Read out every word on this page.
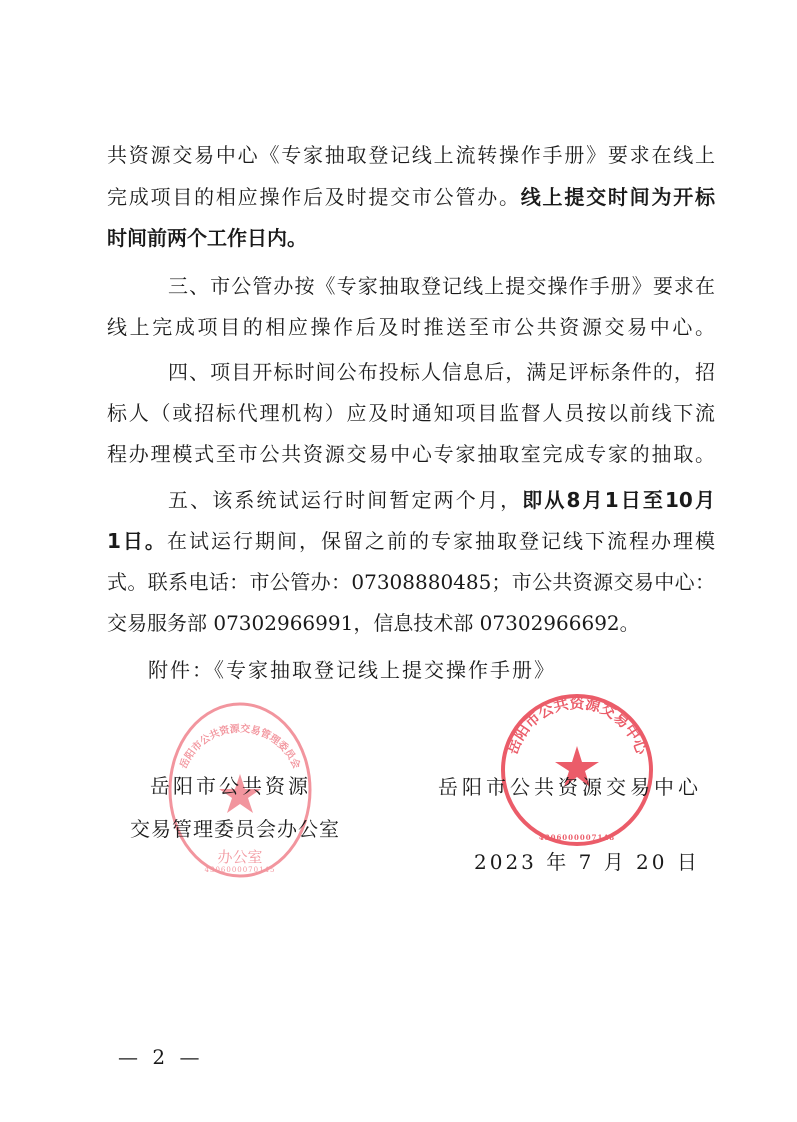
共资源交易中心《专家抽取登记线上流转操作手册》要求在线上
完成项目的相应操作后及时提交市公管办。线上提交时间为开标
时间前两个工作日内。
三、市公管办按《专家抽取登记线上提交操作手册》要求在
线上完成项目的相应操作后及时推送至市公共资源交易中心。
四、项目开标时间公布投标人信息后，满足评标条件的，招
标人（或招标代理机构）应及时通知项目监督人员按以前线下流
程办理模式至市公共资源交易中心专家抽取室完成专家的抽取。
五、该系统试运行时间暂定两个月，即从8月1日至10月
1日。在试运行期间，保留之前的专家抽取登记线下流程办理模
式。联系电话：市公管办：07308880485；市公共资源交易中心：
交易服务部 07302966991，信息技术部 07302966692。
附件：《专家抽取登记线上提交操作手册》
岳阳市公共资源交易管理委员会
办公室
4306000070145
岳阳市公共资源交易中心
4306000007148
岳阳市公共资源
交易管理委员会办公室
岳阳市公共资源交易中心
2023 年 7 月 20 日
— 2 —
